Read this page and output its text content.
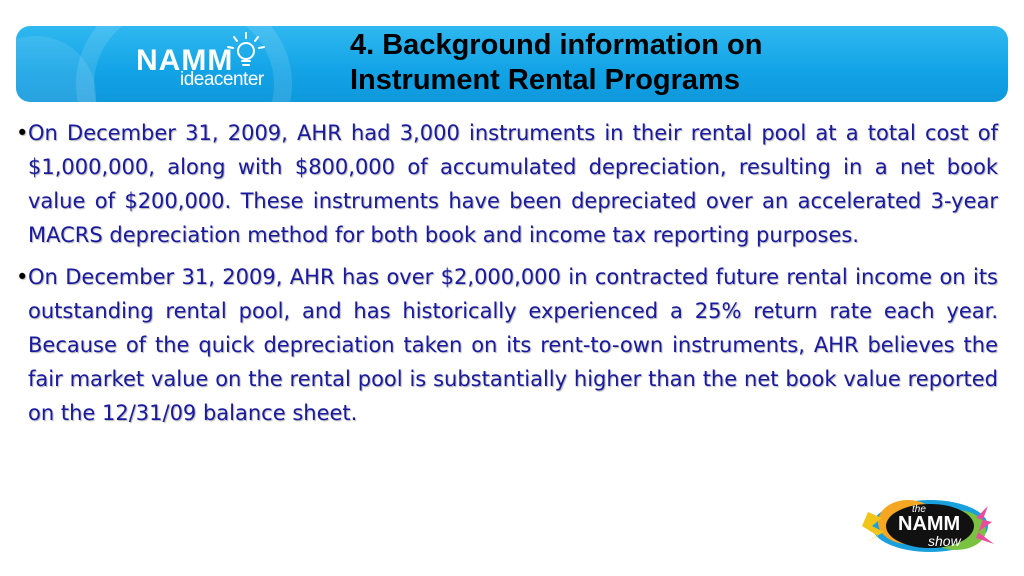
NAMM
ideacenter
4. Background information on
Instrument Rental Programs
• On December 31, 2009, AHR had 3,000 instruments in their rental pool at a total cost of $1,000,000, along with $800,000 of accumulated depreciation, resulting in a net book value of $200,000. These instruments have been depreciated over an accelerated 3-year MACRS depreciation method for both book and income tax reporting purposes.
• On December 31, 2009, AHR has over $2,000,000 in contracted future rental income on its outstanding rental pool, and has historically experienced a 25% return rate each year. Because of the quick depreciation taken on its rent-to-own instruments, AHR believes the fair market value on the rental pool is substantially higher than the net book value reported on the 12/31/09 balance sheet.
the
NAMM
show
